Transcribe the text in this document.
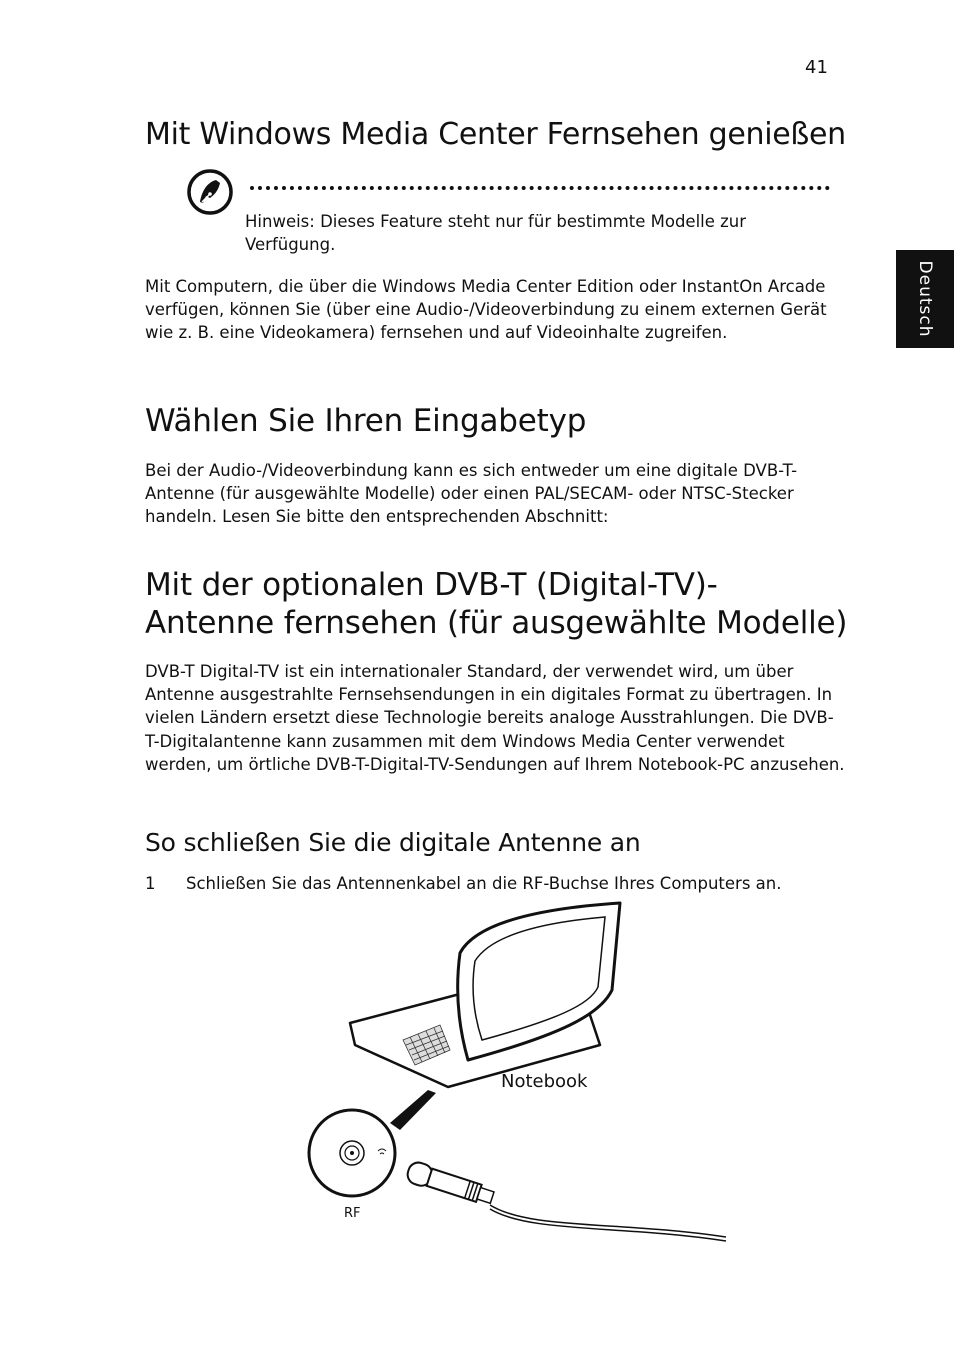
41
Deutsch
Mit Windows Media Center Fernsehen genießen
Hinweis: Dieses Feature steht nur für bestimmte Modelle zur Verfügung.
Mit Computern, die über die Windows Media Center Edition oder InstantOn Arcade verfügen, können Sie (über eine Audio-/Videoverbindung zu einem externen Gerät wie z. B. eine Videokamera) fernsehen und auf Videoinhalte zugreifen.
Wählen Sie Ihren Eingabetyp
Bei der Audio-/Videoverbindung kann es sich entweder um eine digitale DVB-T-Antenne (für ausgewählte Modelle) oder einen PAL/SECAM- oder NTSC-Stecker handeln. Lesen Sie bitte den entsprechenden Abschnitt:
Mit der optionalen DVB-T (Digital-TV)-
Antenne fernsehen (für ausgewählte Modelle)
DVB-T Digital-TV ist ein internationaler Standard, der verwendet wird, um über Antenne ausgestrahlte Fernsehsendungen in ein digitales Format zu übertragen. In vielen Ländern ersetzt diese Technologie bereits analoge Ausstrahlungen. Die DVB-T-Digitalantenne kann zusammen mit dem Windows Media Center verwendet werden, um örtliche DVB-T-Digital-TV-Sendungen auf Ihrem Notebook-PC anzusehen.
So schließen Sie die digitale Antenne an
1 Schließen Sie das Antennenkabel an die RF-Buchse Ihres Computers an.
Notebook
RF
